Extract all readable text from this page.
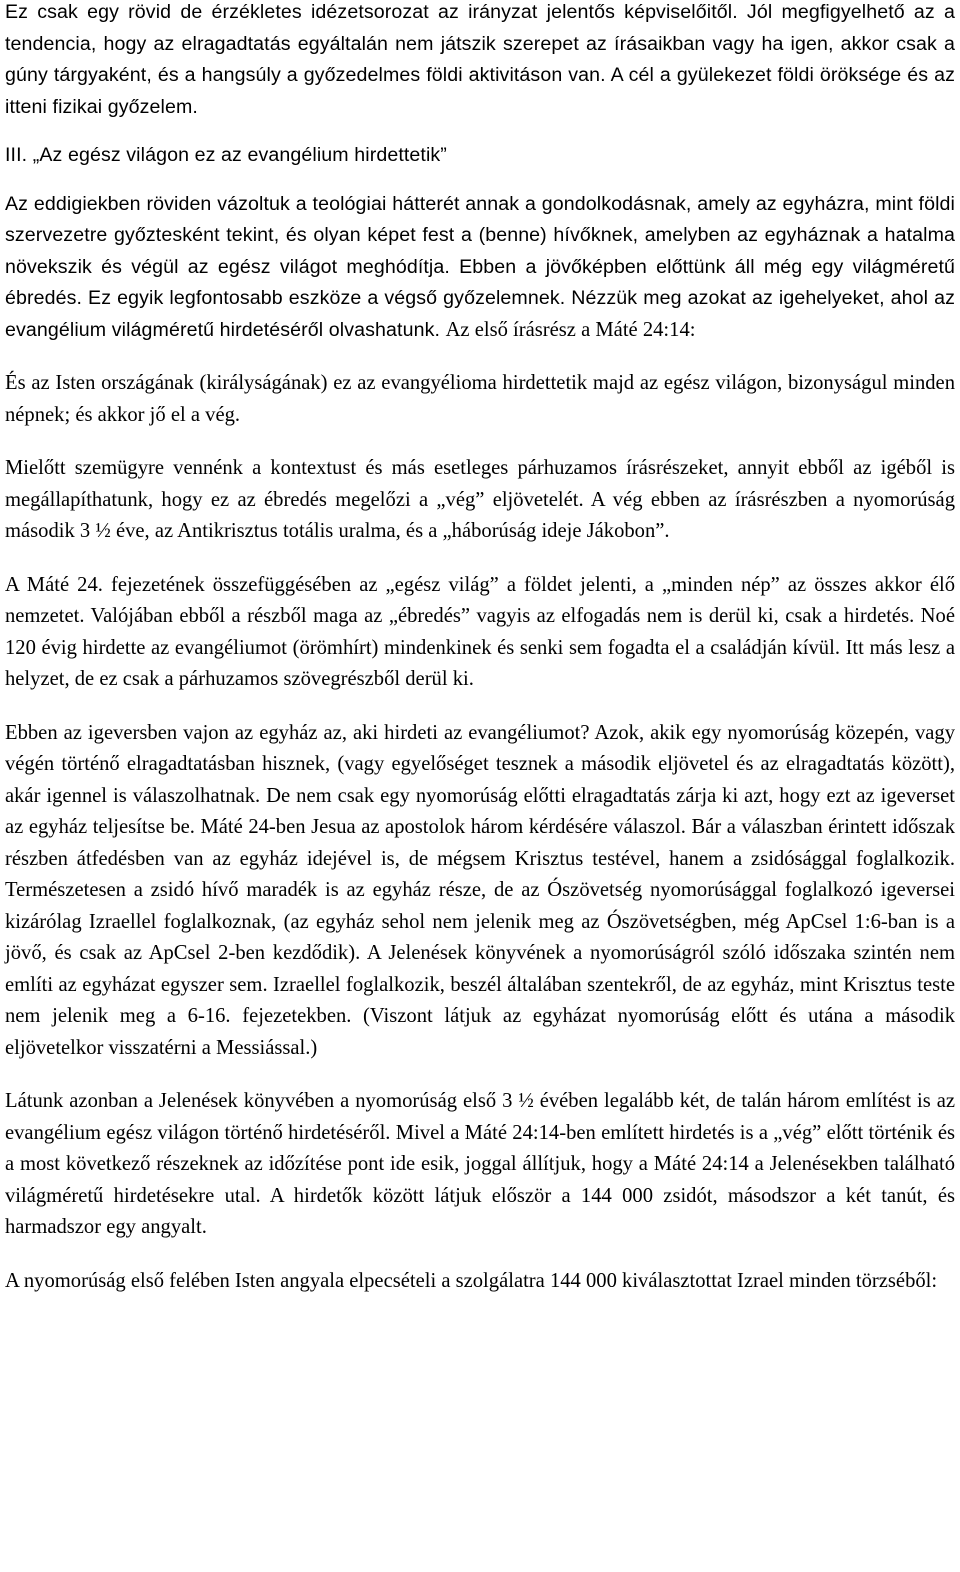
Ez csak egy rövid de érzékletes idézetsorozat az irányzat jelentős képviselőitől. Jól megfigyelhető az a tendencia, hogy az elragadtatás egyáltalán nem játszik szerepet az írásaikban vagy ha igen, akkor csak a gúny tárgyaként, és a hangsúly a győzedelmes földi aktivitáson van. A cél a gyülekezet földi öröksége és az itteni fizikai győzelem.

III. „Az egész világon ez az evangélium hirdettetik”

Az eddigiekben röviden vázoltuk a teológiai hátterét annak a gondolkodásnak, amely az egyházra, mint földi szervezetre győztesként tekint, és olyan képet fest a (benne) hívőknek, amelyben az egyháznak a hatalma növekszik és végül az egész világot meghódítja. Ebben a jövőképben előttünk áll még egy világméretű ébredés. Ez egyik legfontosabb eszköze a végső győzelemnek. Nézzük meg azokat az igehelyeket, ahol az evangélium világméretű hirdetéséről olvashatunk. Az első írásrész a Máté 24:14:

És az Isten országának (királyságának) ez az evangyélioma hirdettetik majd az egész világon, bizonyságul minden népnek; és akkor jő el a vég.

Mielőtt szemügyre vennénk a kontextust és más esetleges párhuzamos írásrészeket, annyit ebből az igéből is megállapíthatunk, hogy ez az ébredés megelőzi a „vég” eljövetelét. A vég ebben az írásrészben a nyomorúság második 3 ½ éve, az Antikrisztus totális uralma, és a „háborúság ideje Jákobon”.

A Máté 24. fejezetének összefüggésében az „egész világ” a földet jelenti, a „minden nép” az összes akkor élő nemzetet. Valójában ebből a részből maga az „ébredés” vagyis az elfogadás nem is derül ki, csak a hirdetés. Noé 120 évig hirdette az evangéliumot (örömhírt) mindenkinek és senki sem fogadta el a családján kívül. Itt más lesz a helyzet, de ez csak a párhuzamos szövegrészből derül ki.

Ebben az igeversben vajon az egyház az, aki hirdeti az evangéliumot? Azok, akik egy nyomorúság közepén, vagy végén történő elragadtatásban hisznek, (vagy egyelőséget tesznek a második eljövetel és az elragadtatás között), akár igennel is válaszolhatnak. De nem csak egy nyomorúság előtti elragadtatás zárja ki azt, hogy ezt az igeverset az egyház teljesítse be. Máté 24-ben Jesua az apostolok három kérdésére válaszol. Bár a válaszban érintett időszak részben átfedésben van az egyház idejével is, de mégsem Krisztus testével, hanem a zsidósággal foglalkozik. Természetesen a zsidó hívő maradék is az egyház része, de az Ószövetség nyomorúsággal foglalkozó igeversei kizárólag Izraellel foglalkoznak, (az egyház sehol nem jelenik meg az Ószövetségben, még ApCsel 1:6-ban is a jövő, és csak az ApCsel 2-ben kezdődik). A Jelenések könyvének a nyomorúságról szóló időszaka szintén nem említi az egyházat egyszer sem. Izraellel foglalkozik, beszél általában szentekről, de az egyház, mint Krisztus teste nem jelenik meg a 6-16. fejezetekben. (Viszont látjuk az egyházat nyomorúság előtt és utána a második eljövetelkor visszatérni a Messiással.)

Látunk azonban a Jelenések könyvében a nyomorúság első 3 ½ évében legalább két, de talán három említést is az evangélium egész világon történő hirdetéséről. Mivel a Máté 24:14-ben említett hirdetés is a „vég” előtt történik és a most következő részeknek az időzítése pont ide esik, joggal állítjuk, hogy a Máté 24:14 a Jelenésekben található világméretű hirdetésekre utal. A hirdetők között látjuk először a 144 000 zsidót, másodszor a két tanút, és harmadszor egy angyalt.

A nyomorúság első felében Isten angyala elpecsételi a szolgálatra 144 000 kiválasztottat Izrael minden törzséből:
